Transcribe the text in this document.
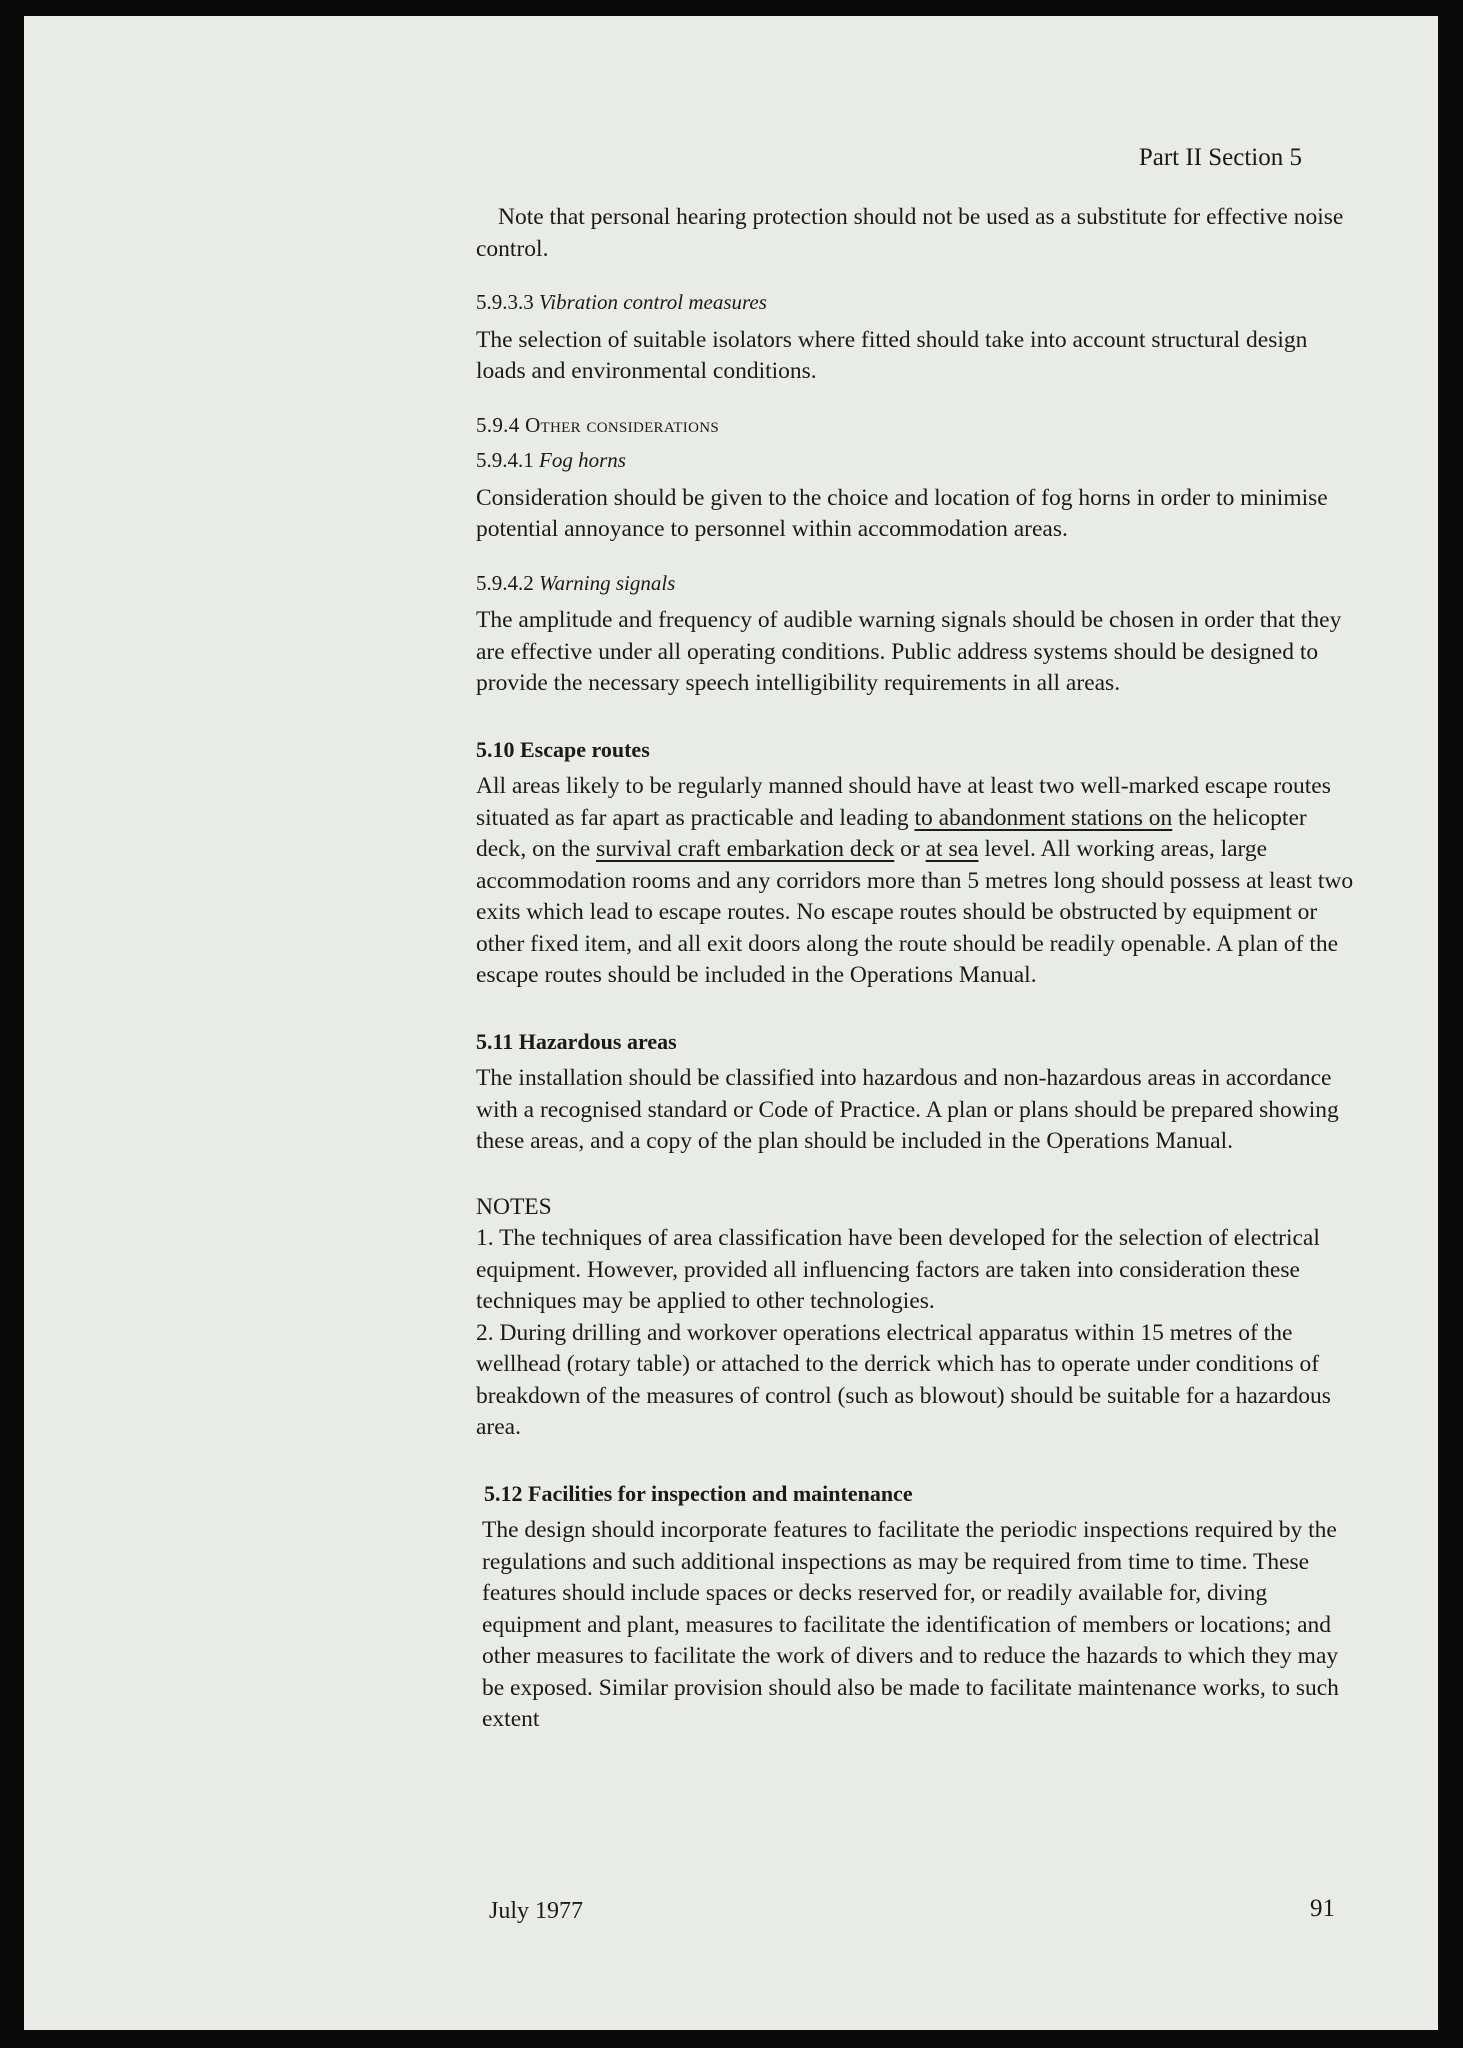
Part II Section 5

Note that personal hearing protection should not be used as a substitute for effective noise control.

5.9.3.3 Vibration control measures

The selection of suitable isolators where fitted should take into account structural design loads and environmental conditions.

5.9.4 Other considerations
5.9.4.1 Fog horns

Consideration should be given to the choice and location of fog horns in order to minimise potential annoyance to personnel within accommodation areas.

5.9.4.2 Warning signals

The amplitude and frequency of audible warning signals should be chosen in order that they are effective under all operating conditions. Public address systems should be designed to provide the necessary speech intelligibility requirements in all areas.

5.10 Escape routes

All areas likely to be regularly manned should have at least two well-marked escape routes situated as far apart as practicable and leading to abandonment stations on the helicopter deck, on the survival craft embarkation deck or at sea level. All working areas, large accommodation rooms and any corridors more than 5 metres long should possess at least two exits which lead to escape routes. No escape routes should be obstructed by equipment or other fixed item, and all exit doors along the route should be readily openable. A plan of the escape routes should be included in the Operations Manual.

5.11 Hazardous areas

The installation should be classified into hazardous and non-hazardous areas in accordance with a recognised standard or Code of Practice. A plan or plans should be prepared showing these areas, and a copy of the plan should be included in the Operations Manual.

NOTES

1. The techniques of area classification have been developed for the selection of electrical equipment. However, provided all influencing factors are taken into consideration these techniques may be applied to other technologies.

2. During drilling and workover operations electrical apparatus within 15 metres of the wellhead (rotary table) or attached to the derrick which has to operate under conditions of breakdown of the measures of control (such as blowout) should be suitable for a hazardous area.

5.12 Facilities for inspection and maintenance

The design should incorporate features to facilitate the periodic inspections required by the regulations and such additional inspections as may be required from time to time. These features should include spaces or decks reserved for, or readily available for, diving equipment and plant, measures to facilitate the identification of members or locations; and other measures to facilitate the work of divers and to reduce the hazards to which they may be exposed. Similar provision should also be made to facilitate maintenance works, to such extent

July 1977	91
